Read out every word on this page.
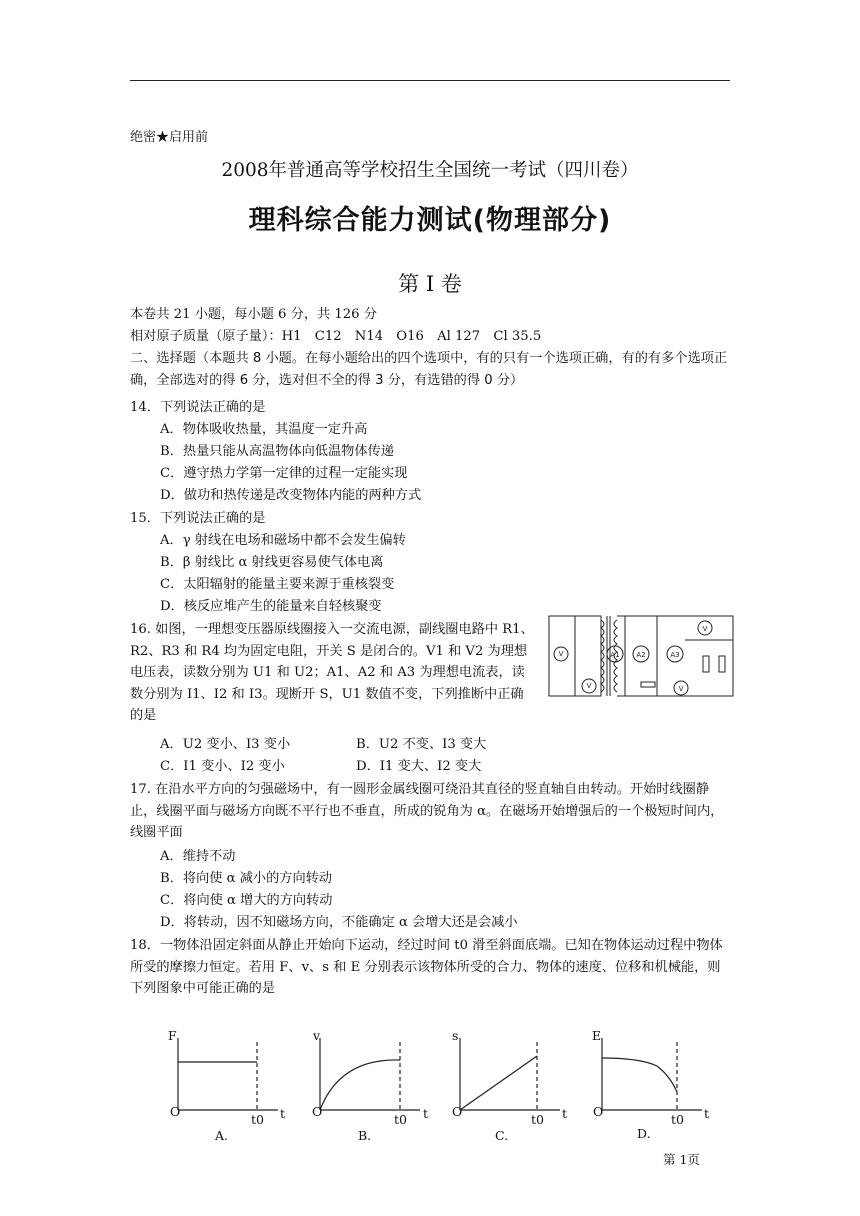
绝密★启用前
2008年普通高等学校招生全国统一考试（四川卷）
理科综合能力测试(物理部分)
第 I 卷
本卷共 21 小题，每小题 6 分，共 126 分
相对原子质量（原子量）：H1　C12　N14　O16　Al 127　Cl 35.5
二、选择题（本题共 8 小题。在每小题给出的四个选项中，有的只有一个选项正确，有的有多个选项正确，全部选对的得 6 分，选对但不全的得 3 分，有选错的得 0 分）
14．下列说法正确的是
A．物体吸收热量，其温度一定升高
B．热量只能从高温物体向低温物体传递
C．遵守热力学第一定律的过程一定能实现
D．做功和热传递是改变物体内能的两种方式
15．下列说法正确的是
A．γ 射线在电场和磁场中都不会发生偏转
B．β 射线比 α 射线更容易使气体电离
C．太阳辐射的能量主要来源于重核裂变
D．核反应堆产生的能量来自轻核聚变
16. 如图，一理想变压器原线圈接入一交流电源，副线圈电路中 R1、R2、R3 和 R4 均为固定电阻，开关 S 是闭合的。V1 和 V2 为理想电压表，读数分别为 U1 和 U2；A1、A2 和 A3 为理想电流表，读数分别为 I1、I2 和 I3。现断开 S，U1 数值不变，下列推断中正确的是
V
V
A1 A2	A3
V
V
A．U2 变小、I3 变小	B．U2 不变、I3 变大
C．I1 变小、I2 变小	D．I1 变大、I2 变大
17. 在沿水平方向的匀强磁场中，有一圆形金属线圈可绕沿其直径的竖直轴自由转动。开始时线圈静止，线圈平面与磁场方向既不平行也不垂直，所成的锐角为 α。在磁场开始增强后的一个极短时间内，线圈平面
A．维持不动
B．将向使 α 减小的方向转动
C．将向使 α 增大的方向转动
D．将转动，因不知磁场方向，不能确定 α 会增大还是会减小
18．一物体沿固定斜面从静止开始向下运动，经过时间 t0 滑至斜面底端。已知在物体运动过程中物体所受的摩擦力恒定。若用 F、v、s 和 E 分别表示该物体所受的合力、物体的速度、位移和机械能，则下列图象中可能正确的是
F
O
t0 t
A.
v
O
t0 t
B.
s
O
t0 t
C.
E
O
t0 t
D.
第 1页
